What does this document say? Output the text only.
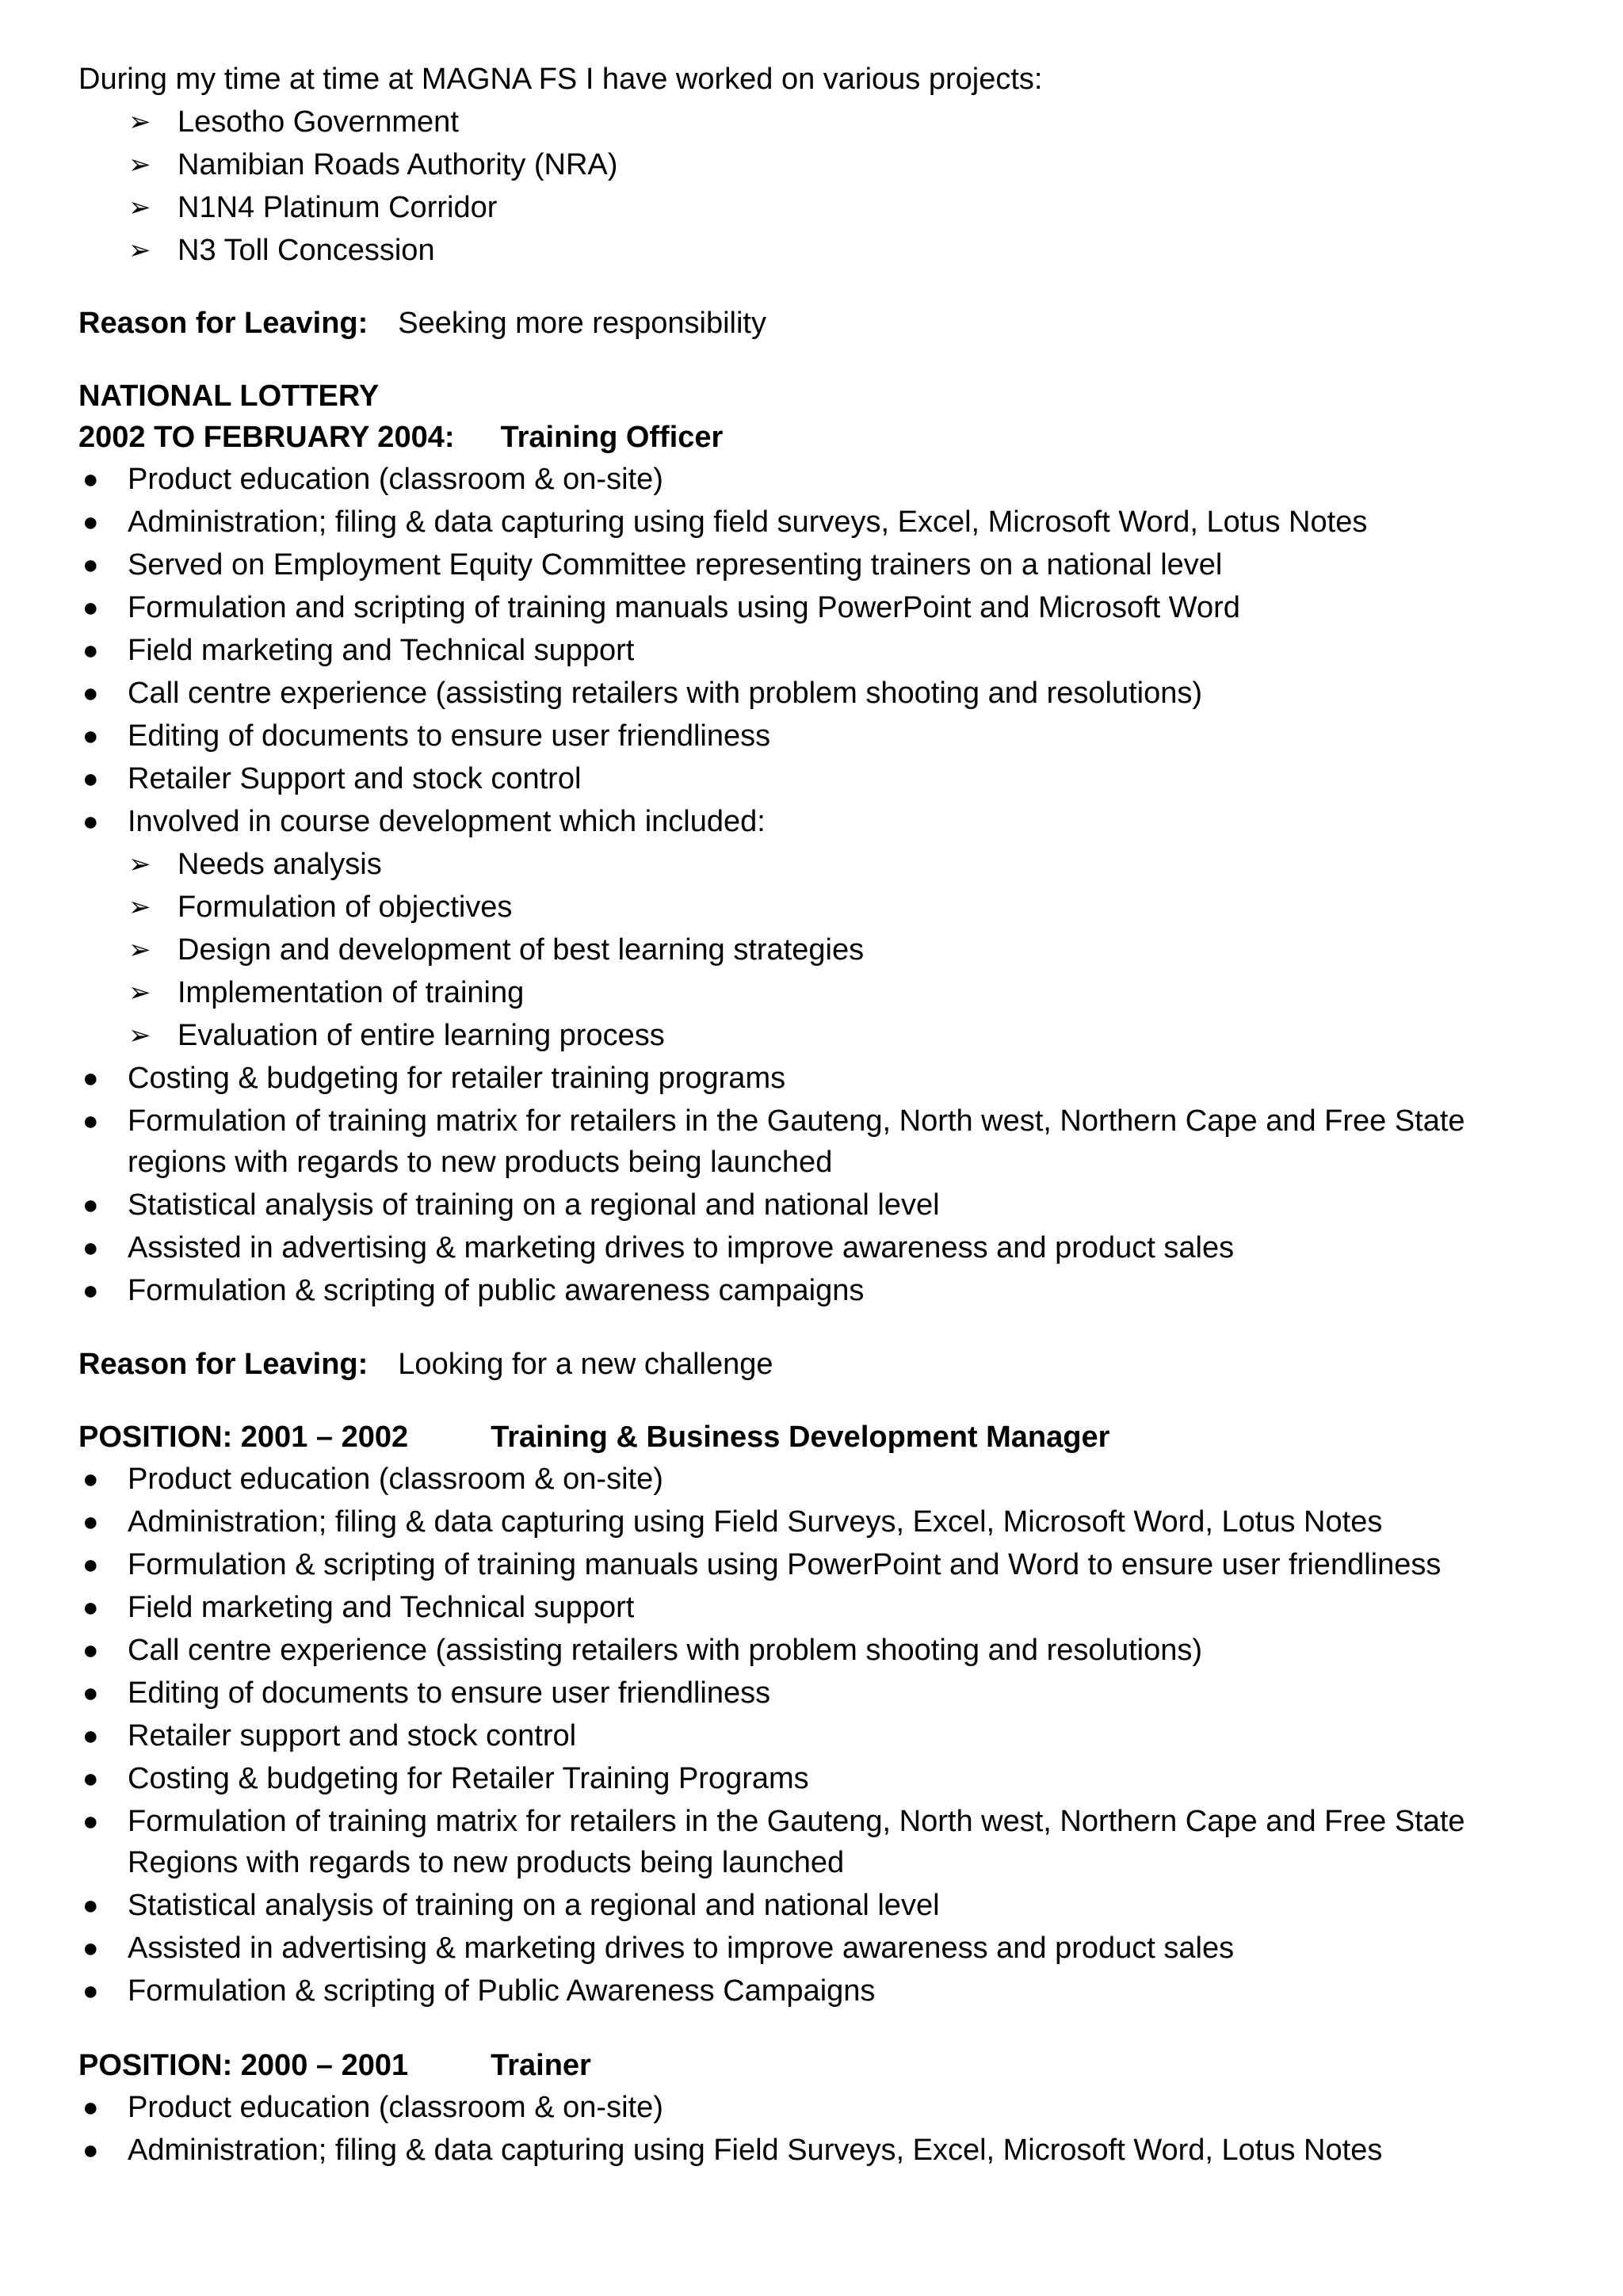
During my time at time at MAGNA FS I have worked on various projects:
➢ Lesotho Government
➢ Namibian Roads Authority (NRA)
➢ N1N4 Platinum Corridor
➢ N3 Toll Concession
Reason for Leaving: Seeking more responsibility
NATIONAL LOTTERY
2002 TO FEBRUARY 2004: Training Officer
● Product education (classroom & on-site)
● Administration; filing & data capturing using field surveys, Excel, Microsoft Word, Lotus Notes
● Served on Employment Equity Committee representing trainers on a national level
● Formulation and scripting of training manuals using PowerPoint and Microsoft Word
● Field marketing and Technical support
● Call centre experience (assisting retailers with problem shooting and resolutions)
● Editing of documents to ensure user friendliness
● Retailer Support and stock control
● Involved in course development which included:
➢ Needs analysis
➢ Formulation of objectives
➢ Design and development of best learning strategies
➢ Implementation of training
➢ Evaluation of entire learning process
● Costing & budgeting for retailer training programs
● Formulation of training matrix for retailers in the Gauteng, North west, Northern Cape and Free State
regions with regards to new products being launched
● Statistical analysis of training on a regional and national level
● Assisted in advertising & marketing drives to improve awareness and product sales
● Formulation & scripting of public awareness campaigns
Reason for Leaving: Looking for a new challenge
POSITION: 2001 – 2002	Training & Business Development Manager
● Product education (classroom & on-site)
● Administration; filing & data capturing using Field Surveys, Excel, Microsoft Word, Lotus Notes
● Formulation & scripting of training manuals using PowerPoint and Word to ensure user friendliness
● Field marketing and Technical support
● Call centre experience (assisting retailers with problem shooting and resolutions)
● Editing of documents to ensure user friendliness
● Retailer support and stock control
● Costing & budgeting for Retailer Training Programs
● Formulation of training matrix for retailers in the Gauteng, North west, Northern Cape and Free State
Regions with regards to new products being launched
● Statistical analysis of training on a regional and national level
● Assisted in advertising & marketing drives to improve awareness and product sales
● Formulation & scripting of Public Awareness Campaigns
POSITION: 2000 – 2001	Trainer
● Product education (classroom & on-site)
● Administration; filing & data capturing using Field Surveys, Excel, Microsoft Word, Lotus Notes
